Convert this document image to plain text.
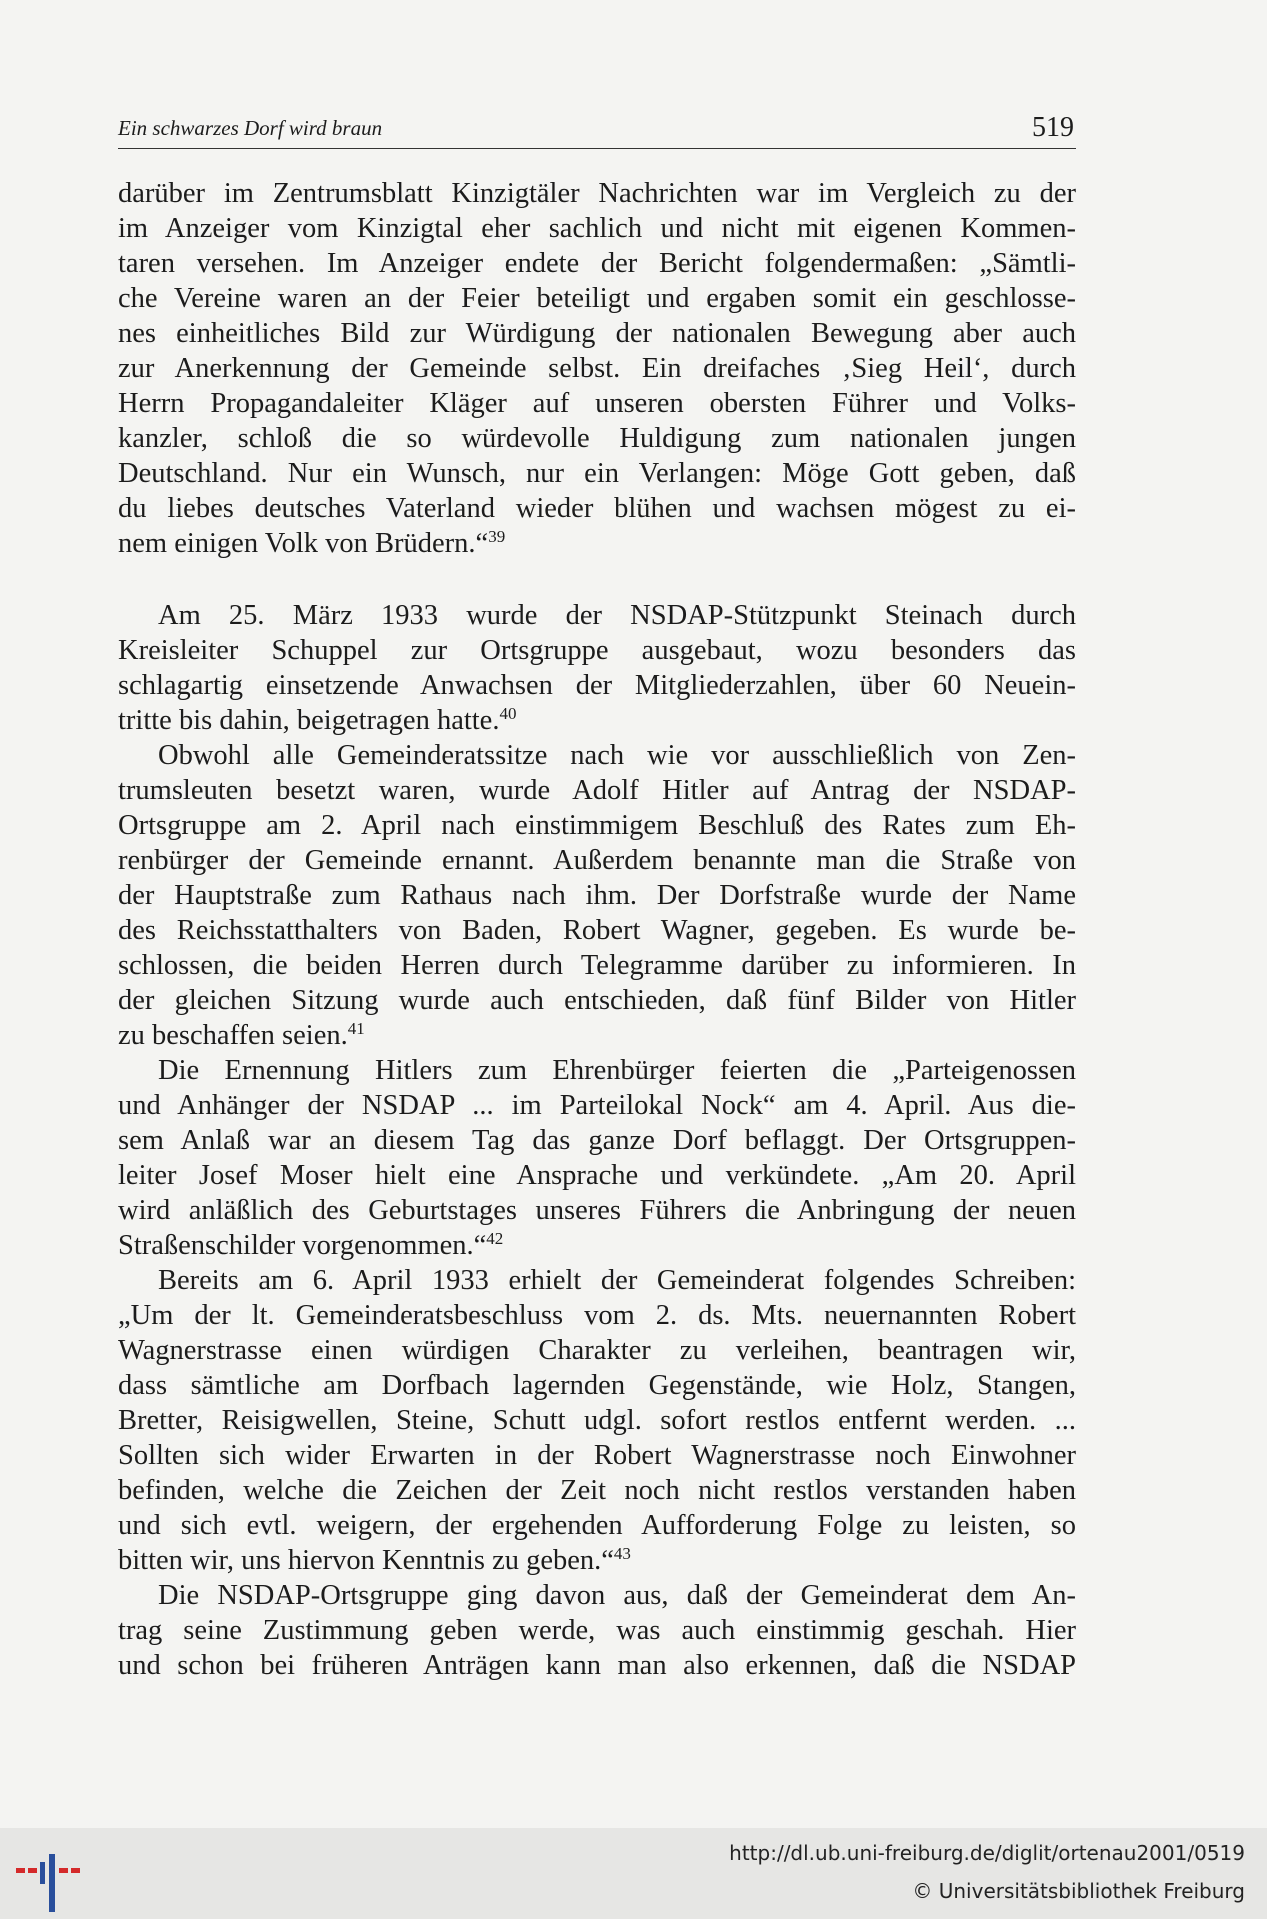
Ein schwarzes Dorf wird braun	519
darüber im Zentrumsblatt Kinzigtäler Nachrichten war im Vergleich zu der
im Anzeiger vom Kinzigtal eher sachlich und nicht mit eigenen Kommen-
taren versehen. Im Anzeiger endete der Bericht folgendermaßen: „Sämtli-
che Vereine waren an der Feier beteiligt und ergaben somit ein geschlosse-
nes einheitliches Bild zur Würdigung der nationalen Bewegung aber auch
zur Anerkennung der Gemeinde selbst. Ein dreifaches ‚Sieg Heil‘, durch
Herrn Propagandaleiter Kläger auf unseren obersten Führer und Volks-
kanzler, schloß die so würdevolle Huldigung zum nationalen jungen
Deutschland. Nur ein Wunsch, nur ein Verlangen: Möge Gott geben, daß
du liebes deutsches Vaterland wieder blühen und wachsen mögest zu ei-
nem einigen Volk von Brüdern.“$^{39}$
Am 25. März 1933 wurde der NSDAP-Stützpunkt Steinach durch
Kreisleiter Schuppel zur Ortsgruppe ausgebaut, wozu besonders das
schlagartig einsetzende Anwachsen der Mitgliederzahlen, über 60 Neuein-
tritte bis dahin, beigetragen hatte.$^{40}$
Obwohl alle Gemeinderatssitze nach wie vor ausschließlich von Zen-
trumsleuten besetzt waren, wurde Adolf Hitler auf Antrag der NSDAP-
Ortsgruppe am 2. April nach einstimmigem Beschluß des Rates zum Eh-
renbürger der Gemeinde ernannt. Außerdem benannte man die Straße von
der Hauptstraße zum Rathaus nach ihm. Der Dorfstraße wurde der Name
des Reichsstatthalters von Baden, Robert Wagner, gegeben. Es wurde be-
schlossen, die beiden Herren durch Telegramme darüber zu informieren. In
der gleichen Sitzung wurde auch entschieden, daß fünf Bilder von Hitler
zu beschaffen seien.$^{41}$
Die Ernennung Hitlers zum Ehrenbürger feierten die „Parteigenossen
und Anhänger der NSDAP ... im Parteilokal Nock“ am 4. April. Aus die-
sem Anlaß war an diesem Tag das ganze Dorf beflaggt. Der Ortsgruppen-
leiter Josef Moser hielt eine Ansprache und verkündete. „Am 20. April
wird anläßlich des Geburtstages unseres Führers die Anbringung der neuen
Straßenschilder vorgenommen.“$^{42}$
Bereits am 6. April 1933 erhielt der Gemeinderat folgendes Schreiben:
„Um der lt. Gemeinderatsbeschluss vom 2. ds. Mts. neuernannten Robert
Wagnerstrasse einen würdigen Charakter zu verleihen, beantragen wir,
dass sämtliche am Dorfbach lagernden Gegenstände, wie Holz, Stangen,
Bretter, Reisigwellen, Steine, Schutt udgl. sofort restlos entfernt werden. ...
Sollten sich wider Erwarten in der Robert Wagnerstrasse noch Einwohner
befinden, welche die Zeichen der Zeit noch nicht restlos verstanden haben
und sich evtl. weigern, der ergehenden Aufforderung Folge zu leisten, so
bitten wir, uns hiervon Kenntnis zu geben.“$^{43}$
Die NSDAP-Ortsgruppe ging davon aus, daß der Gemeinderat dem An-
trag seine Zustimmung geben werde, was auch einstimmig geschah. Hier
und schon bei früheren Anträgen kann man also erkennen, daß die NSDAP
http://dl.ub.uni-freiburg.de/diglit/ortenau2001/0519
© Universitätsbibliothek Freiburg
